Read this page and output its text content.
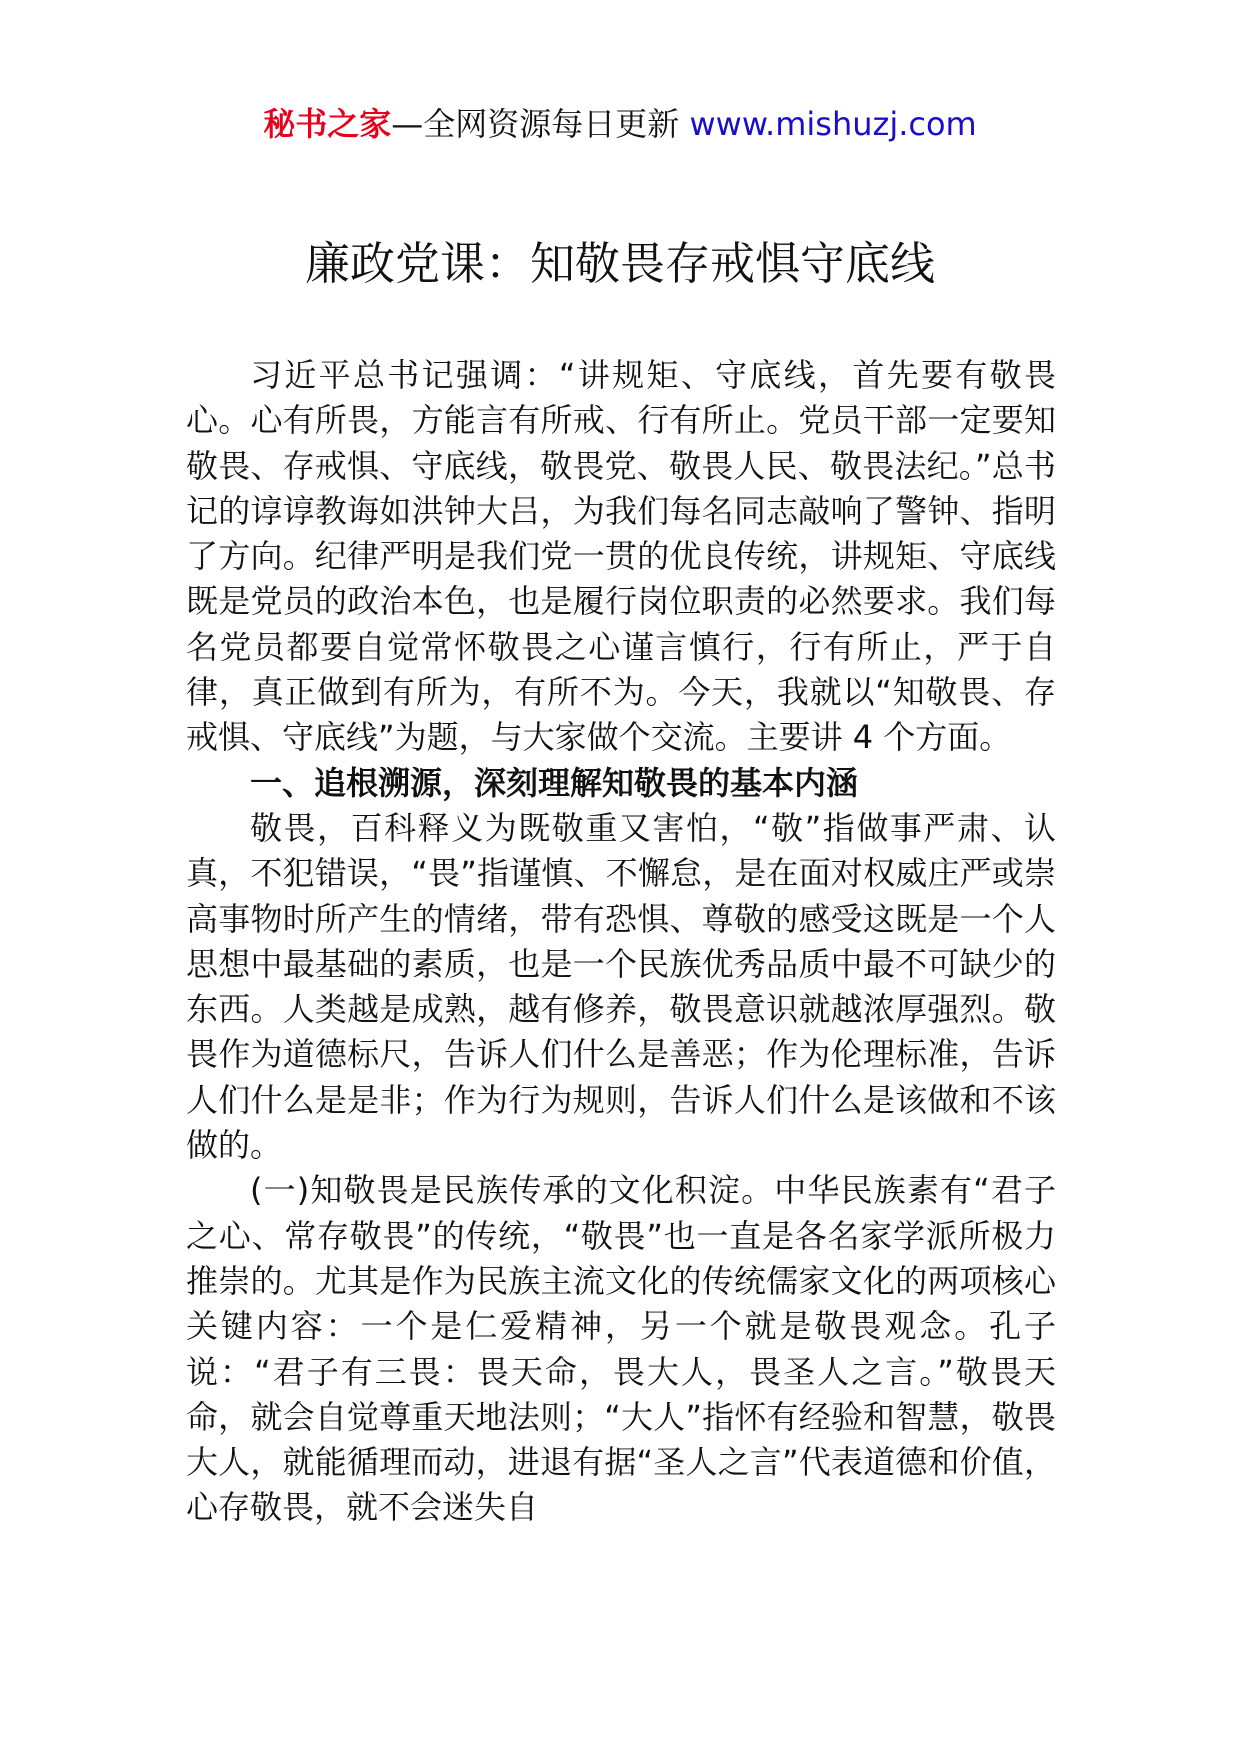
秘书之家—全网资源每日更新 www.mishuzj.com
廉政党课：知敬畏存戒惧守底线

习近平总书记强调：“讲规矩、守底线，首先要有敬畏心。心有所畏，方能言有所戒、行有所止。党员干部一定要知敬畏、存戒惧、守底线，敬畏党、敬畏人民、敬畏法纪。”总书记的谆谆教诲如洪钟大吕，为我们每名同志敲响了警钟、指明了方向。纪律严明是我们党一贯的优良传统，讲规矩、守底线既是党员的政治本色，也是履行岗位职责的必然要求。我们每名党员都要自觉常怀敬畏之心谨言慎行，行有所止，严于自律，真正做到有所为，有所不为。今天，我就以“知敬畏、存戒惧、守底线”为题，与大家做个交流。主要讲 4 个方面。

一、追根溯源，深刻理解知敬畏的基本内涵

敬畏，百科释义为既敬重又害怕，“敬”指做事严肃、认真，不犯错误，“畏”指谨慎、不懈怠，是在面对权威庄严或崇高事物时所产生的情绪，带有恐惧、尊敬的感受这既是一个人思想中最基础的素质，也是一个民族优秀品质中最不可缺少的东西。人类越是成熟，越有修养，敬畏意识就越浓厚强烈。敬畏作为道德标尺，告诉人们什么是善恶；作为伦理标准，告诉人们什么是是非；作为行为规则，告诉人们什么是该做和不该做的。

(一)知敬畏是民族传承的文化积淀。中华民族素有“君子之心、常存敬畏”的传统，“敬畏”也一直是各名家学派所极力推崇的。尤其是作为民族主流文化的传统儒家文化的两项核心关键内容：一个是仁爱精神，另一个就是敬畏观念。孔子说：“君子有三畏：畏天命，畏大人，畏圣人之言。”敬畏天命，就会自觉尊重天地法则；“大人”指怀有经验和智慧，敬畏大人，就能循理而动，进退有据“圣人之言”代表道德和价值，心存敬畏，就不会迷失自
